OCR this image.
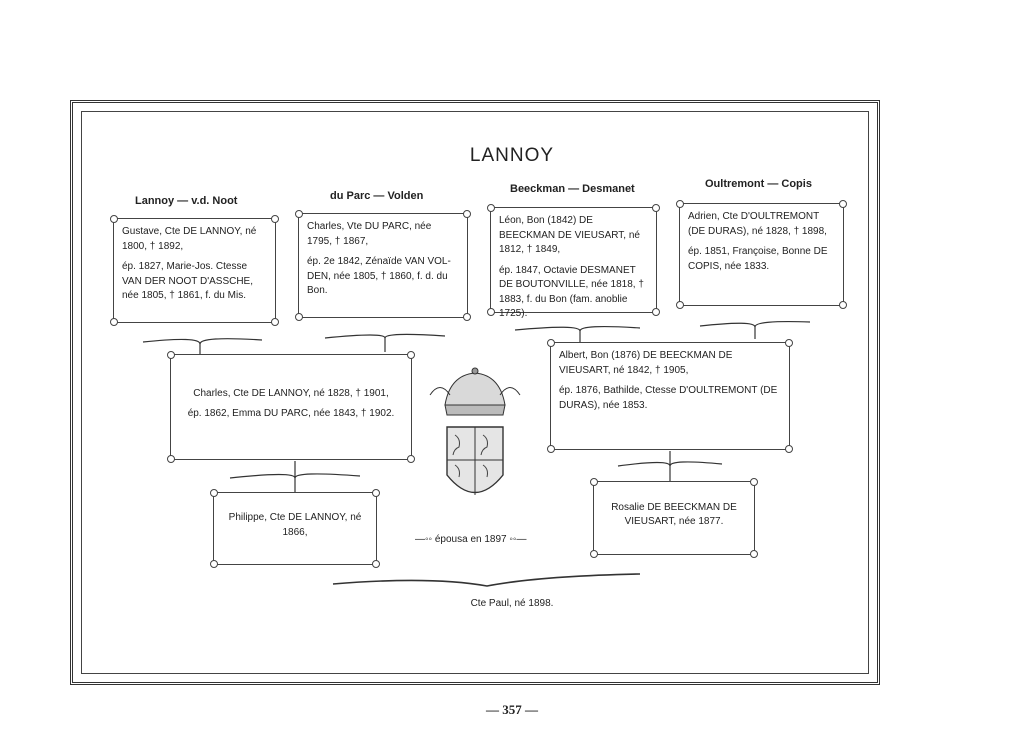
LANNOY
Lannoy — v.d. Noot	du Parc — Volden
Beeckman — Desmanet	Oultremont — Copis

Gustave, Cte DE LANNOY, né 1800, † 1892,

ép. 1827, Marie-Jos. Ctesse VAN DER NOOT D'ASSCHE, née 1805, † 1861, f. du Mis.

Charles, Vte DU PARC, née 1795, † 1867,

ép. 2e 1842, Zénaïde VAN VOL-DEN, née 1805, † 1860, f. d. du Bon.

Léon, Bon (1842) DE BEECKMAN DE VIEUSART, né 1812, † 1849,

ép. 1847, Octavie DESMANET DE BOUTONVILLE, née 1818, † 1883, f. du Bon (fam. anoblie 1725).

Adrien, Cte D'OULTREMONT (DE DURAS), né 1828, † 1898,

ép. 1851, Françoise, Bonne DE COPIS, née 1833.

Charles, Cte DE LANNOY, né 1828, † 1901,

ép. 1862, Emma DU PARC, née 1843, † 1902.

Albert, Bon (1876) DE BEECKMAN DE VIEUSART, né 1842, † 1905,

ép. 1876, Bathilde, Ctesse D'OULTREMONT (DE DURAS), née 1853.

Philippe, Cte DE LANNOY, né 1866,

—◦◦ épousa en 1897 ◦◦—

Rosalie DE BEECKMAN DE VIEUSART, née 1877.

Cte Paul, né 1898.
— 357 —
